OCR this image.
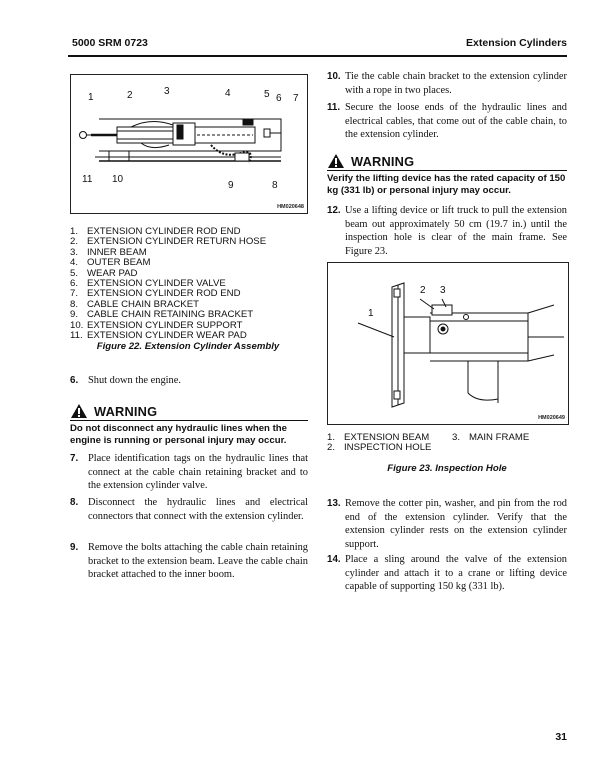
5000 SRM 0723	Extension Cylinders
1	2	3	4	5 6 7
8
9
10
11
HM020648
1. EXTENSION CYLINDER ROD END
2. EXTENSION CYLINDER RETURN HOSE
3. INNER BEAM
4. OUTER BEAM
5. WEAR PAD
6. EXTENSION CYLINDER VALVE
7. EXTENSION CYLINDER ROD END
8. CABLE CHAIN BRACKET
9. CABLE CHAIN RETAINING BRACKET
10. EXTENSION CYLINDER SUPPORT
11. EXTENSION CYLINDER WEAR PAD
Figure 22. Extension Cylinder Assembly
6. Shut down the engine.
WARNING
Do not disconnect any hydraulic lines when the engine is running or personal injury may occur.
7. Place identification tags on the hydraulic lines that connect at the cable chain retaining bracket and to the extension cylinder valve.
8. Disconnect the hydraulic lines and electrical connectors that connect with the extension cylinder.
9. Remove the bolts attaching the cable chain retaining bracket to the extension beam. Leave the cable chain bracket attached to the inner boom.
10. Tie the cable chain bracket to the extension cylinder with a rope in two places.
11. Secure the loose ends of the hydraulic lines and electrical cables, that come out of the cable chain, to the extension cylinder.
WARNING
Verify the lifting device has the rated capacity of 150 kg (331 lb) or personal injury may occur.
12. Use a lifting device or lift truck to pull the extension beam out approximately 50 cm (19.7 in.) until the inspection hole is clear of the main frame. See Figure 23.
1
2 3
HM020649
1. EXTENSION BEAM 3. MAIN FRAME
2. INSPECTION HOLE
Figure 23. Inspection Hole
13. Remove the cotter pin, washer, and pin from the rod end of the extension cylinder. Verify that the extension cylinder rests on the extension cylinder support.
14. Place a sling around the valve of the extension cylinder and attach it to a crane or lifting device capable of supporting 150 kg (331 lb).
31
